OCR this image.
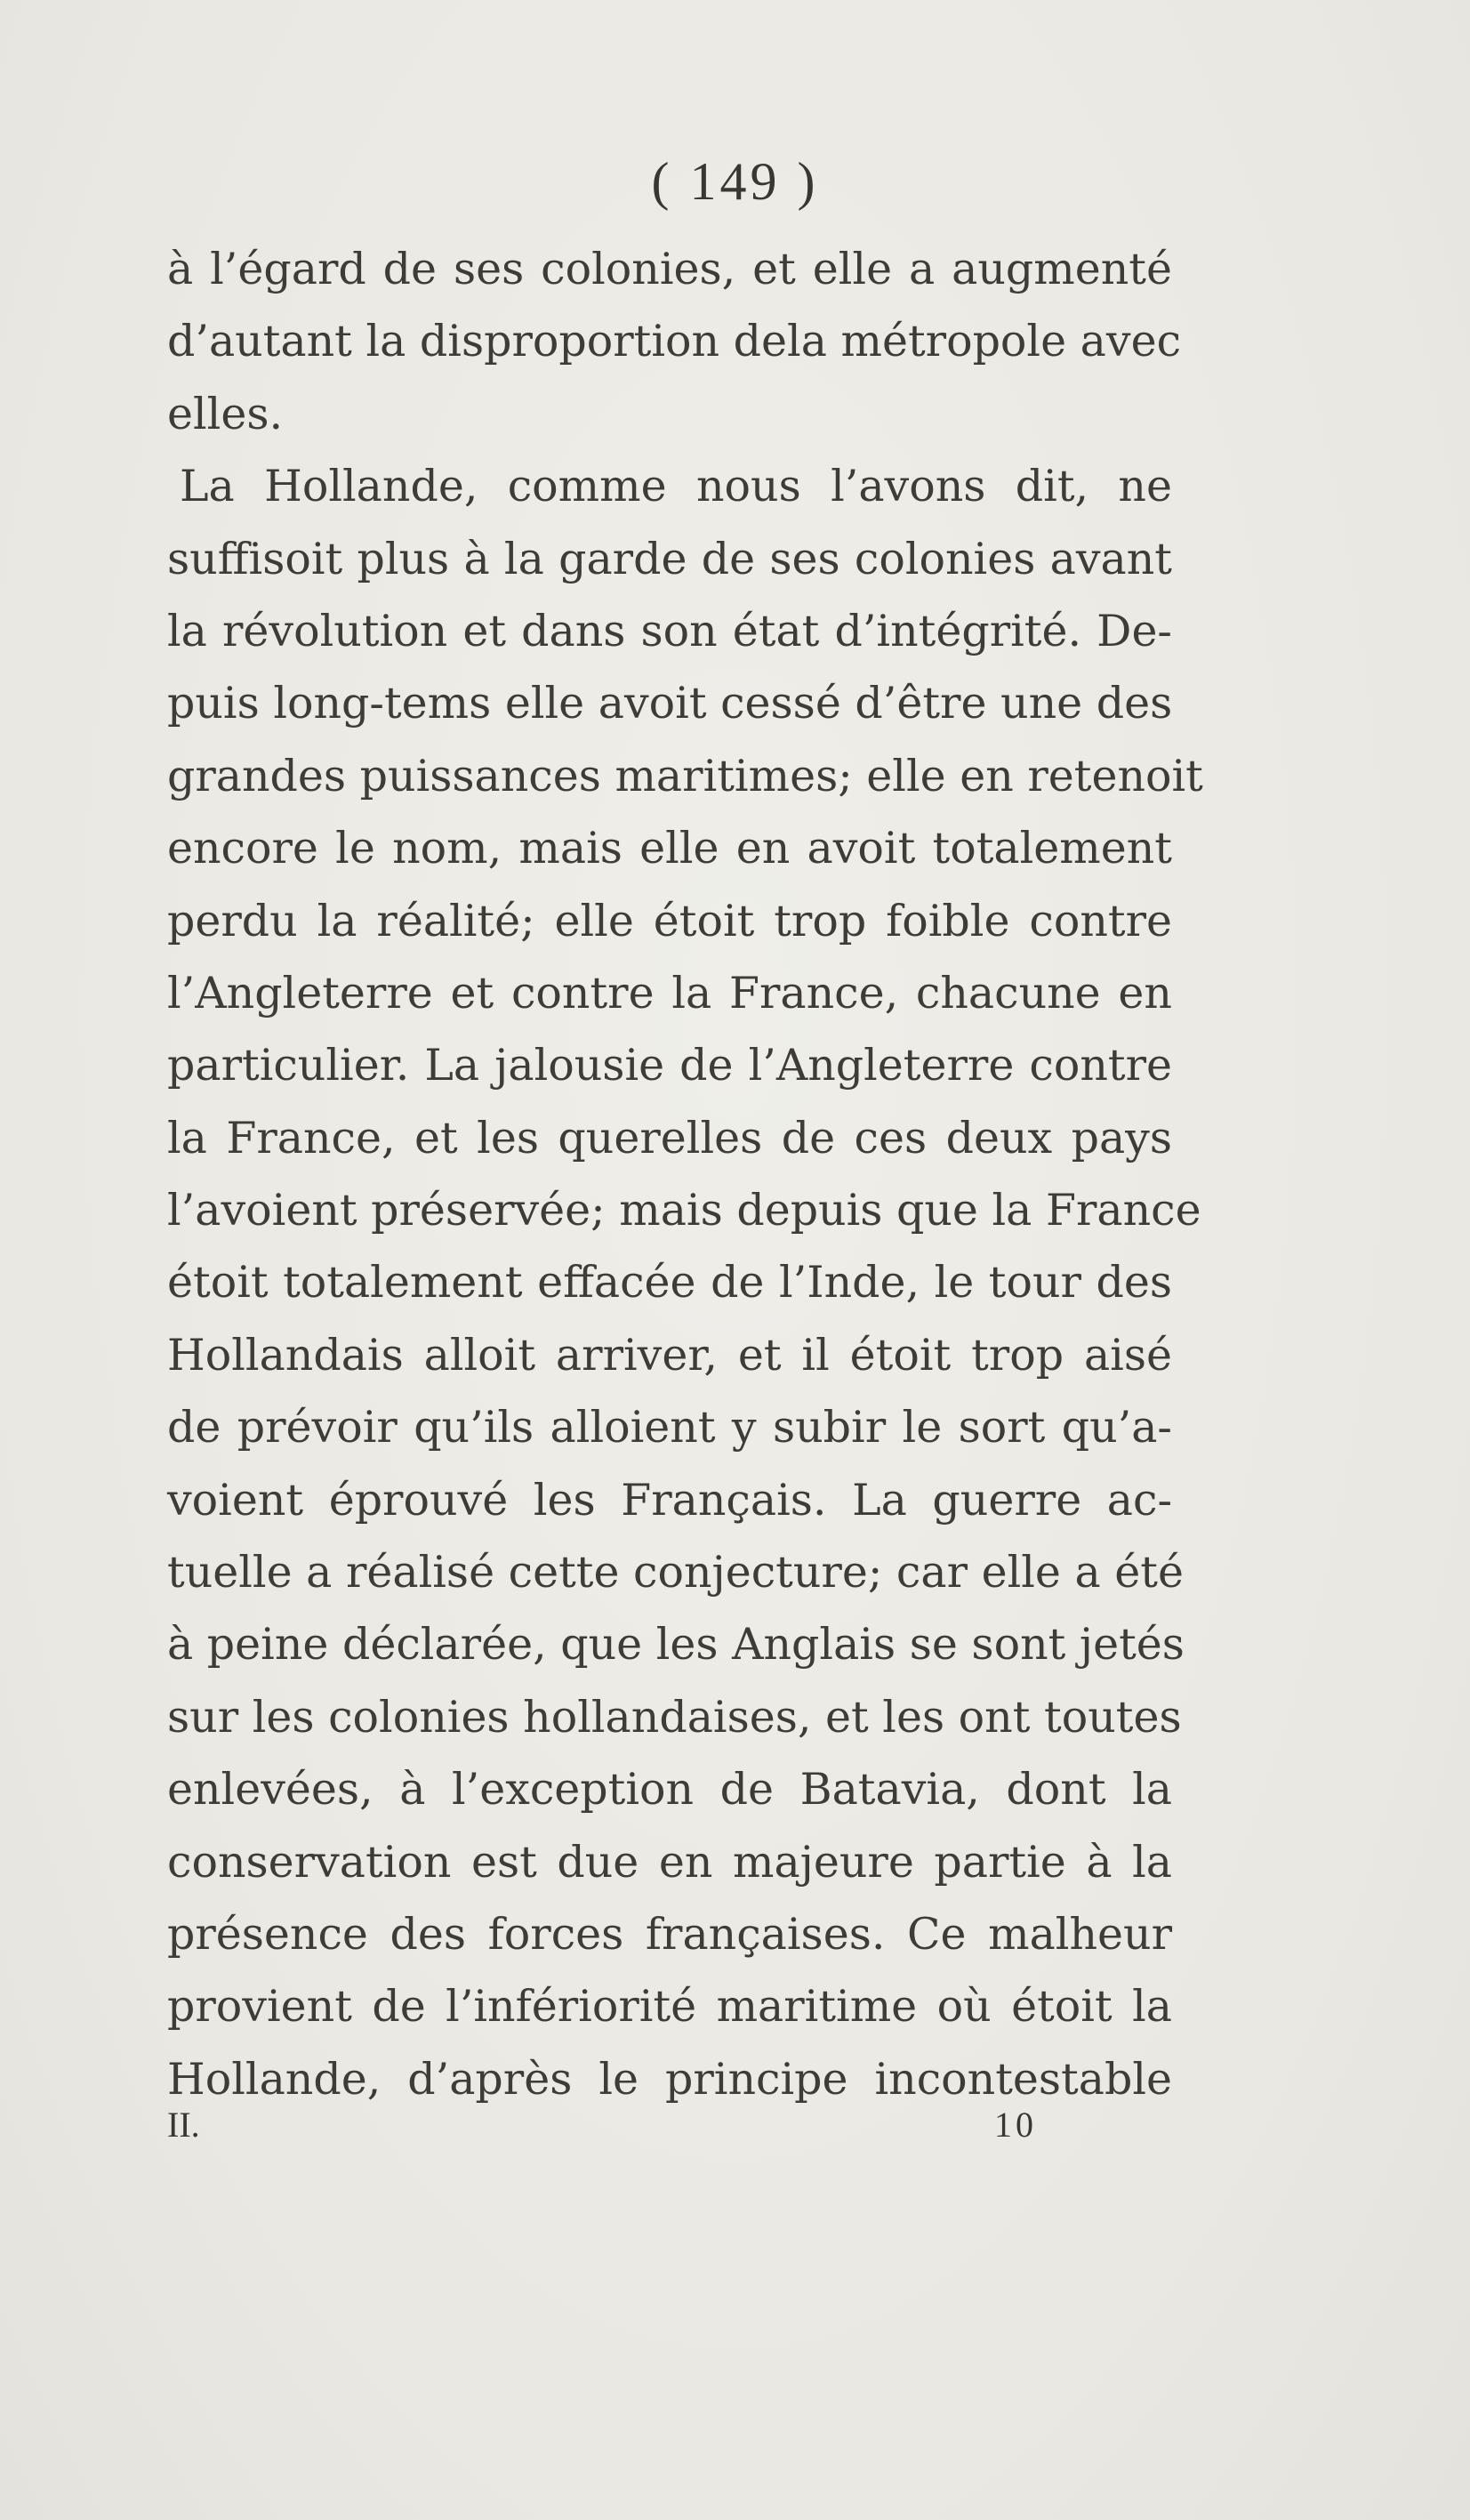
( 149 )
à l’égard de ses colonies, et elle a augmenté
d’autant la disproportion dela métropole avec
elles.
La Hollande, comme nous l’avons dit, ne
suffisoit plus à la garde de ses colonies avant
la révolution et dans son état d’intégrité. De-
puis long-tems elle avoit cessé d’être une des
grandes puissances maritimes; elle en retenoit
encore le nom, mais elle en avoit totalement
perdu la réalité; elle étoit trop foible contre
l’Angleterre et contre la France, chacune en
particulier. La jalousie de l’Angleterre contre
la France, et les querelles de ces deux pays
l’avoient préservée; mais depuis que la France
étoit totalement effacée de l’Inde, le tour des
Hollandais alloit arriver, et il étoit trop aisé
de prévoir qu’ils alloient y subir le sort qu’a-
voient éprouvé les Français. La guerre ac-
tuelle a réalisé cette conjecture; car elle a été
à peine déclarée, que les Anglais se sont jetés
sur les colonies hollandaises, et les ont toutes
enlevées, à l’exception de Batavia, dont la
conservation est due en majeure partie à la
présence des forces françaises. Ce malheur
provient de l’infériorité maritime où étoit la
Hollande, d’après le principe incontestable
II.	10
